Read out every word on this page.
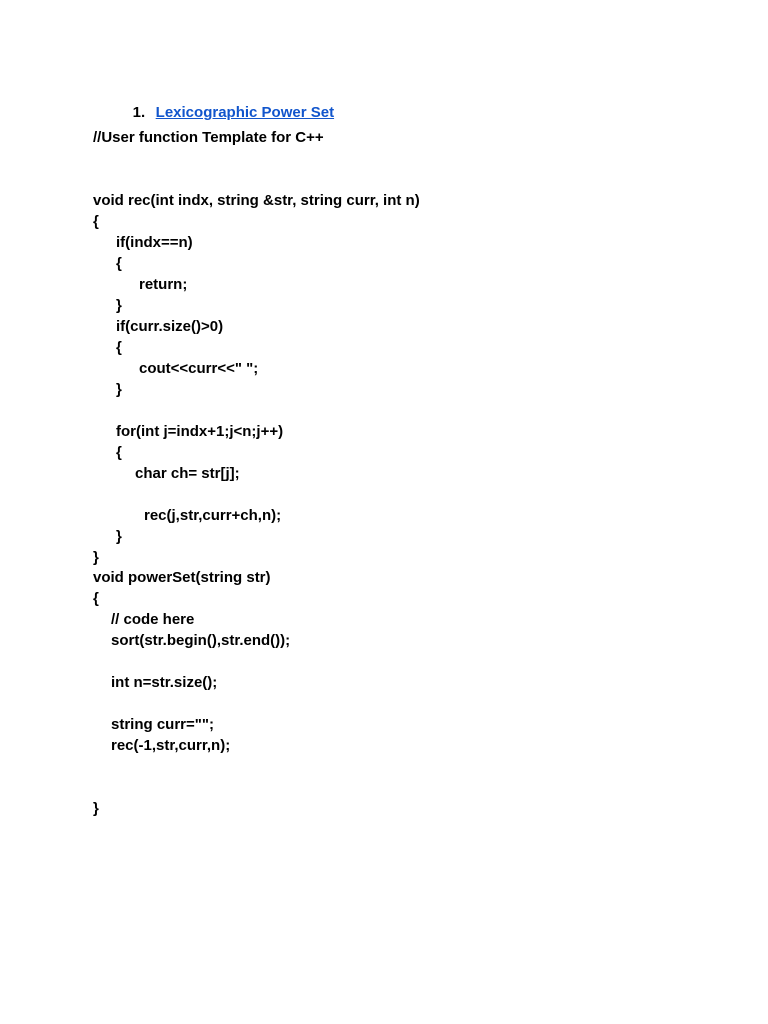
1. Lexicographic Power Set

//User function Template for C++
void rec(int indx, string &str, string curr, int n)
{
if(indx==n)
{
return;
}
if(curr.size()>0)
{
cout<<curr<<" ";
}
for(int j=indx+1;j<n;j++)
{
char ch= str[j];
rec(j,str,curr+ch,n);
}
}
void powerSet(string str)
{
// code here
sort(str.begin(),str.end());
int n=str.size();
string curr="";
rec(-1,str,curr,n);
}
